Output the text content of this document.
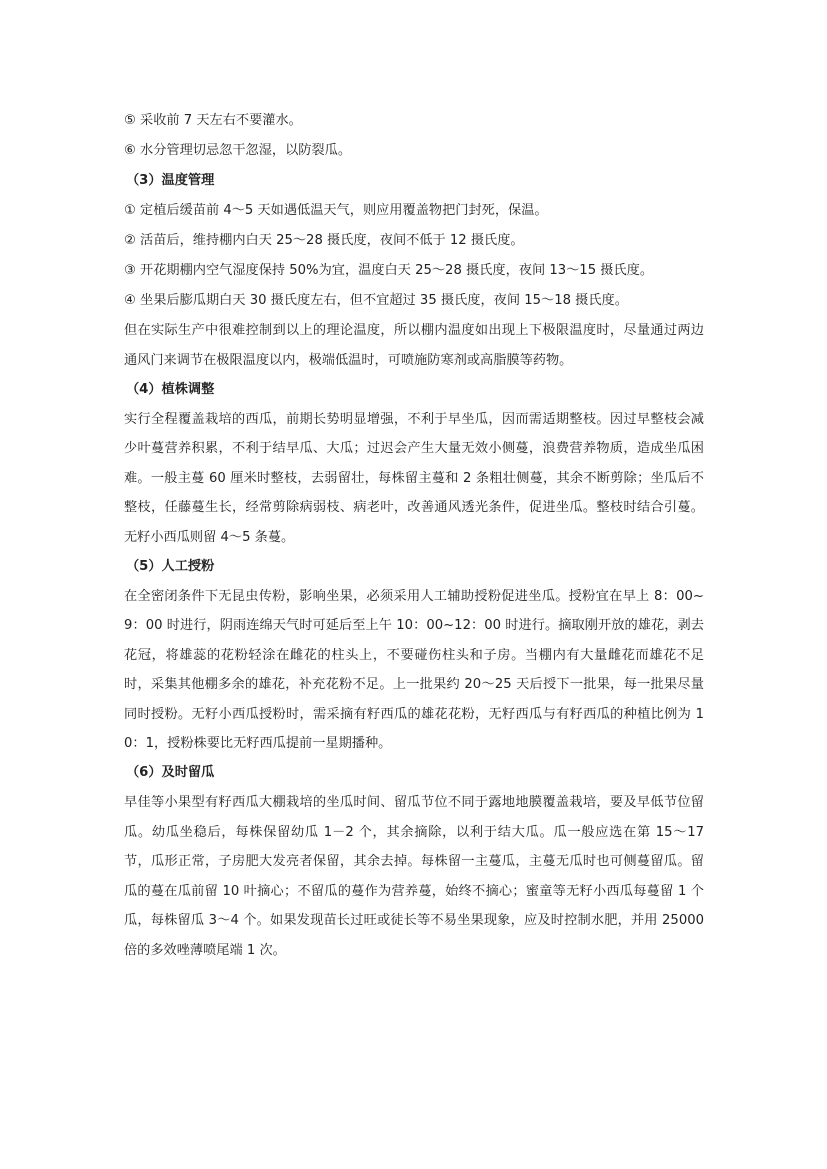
⑤ 采收前 7 天左右不要灌水。
⑥ 水分管理切忌忽干忽湿，以防裂瓜。
（3）温度管理
① 定植后缓苗前 4～5 天如遇低温天气，则应用覆盖物把门封死，保温。
② 活苗后，维持棚内白天 25～28 摄氏度，夜间不低于 12 摄氏度。
③ 开花期棚内空气湿度保持 50%为宜，温度白天 25～28 摄氏度，夜间 13～15 摄氏度。
④ 坐果后膨瓜期白天 30 摄氏度左右，但不宜超过 35 摄氏度，夜间 15～18 摄氏度。

但在实际生产中很难控制到以上的理论温度，所以棚内温度如出现上下极限温度时，尽量通过两边通风门来调节在极限温度以内，极端低温时，可喷施防寒剂或高脂膜等药物。

（4）植株调整

实行全程覆盖栽培的西瓜，前期长势明显增强，不利于早坐瓜，因而需适期整枝。因过早整枝会减少叶蔓营养积累，不利于结早瓜、大瓜；过迟会产生大量无效小侧蔓，浪费营养物质，造成坐瓜困难。一般主蔓 60 厘米时整枝，去弱留壮，每株留主蔓和 2 条粗壮侧蔓，其余不断剪除；坐瓜后不整枝，任藤蔓生长，经常剪除病弱枝、病老叶，改善通风透光条件，促进坐瓜。整枝时结合引蔓。无籽小西瓜则留 4～5 条蔓。

（5）人工授粉

在全密闭条件下无昆虫传粉，影响坐果，必须采用人工辅助授粉促进坐瓜。授粉宜在早上 8：00~9：00 时进行，阴雨连绵天气时可延后至上午 10：00~12：00 时进行。摘取刚开放的雄花，剥去花冠，将雄蕊的花粉轻涂在雌花的柱头上，不要碰伤柱头和子房。当棚内有大量雌花而雄花不足时，采集其他棚多余的雄花，补充花粉不足。上一批果约 20～25 天后授下一批果，每一批果尽量同时授粉。无籽小西瓜授粉时，需采摘有籽西瓜的雄花花粉，无籽西瓜与有籽西瓜的种植比例为 10：1，授粉株要比无籽西瓜提前一星期播种。

（6）及时留瓜

早佳等小果型有籽西瓜大棚栽培的坐瓜时间、留瓜节位不同于露地地膜覆盖栽培，要及早低节位留瓜。幼瓜坐稳后，每株保留幼瓜 1－2 个，其余摘除，以利于结大瓜。瓜一般应选在第 15～17 节，瓜形正常，子房肥大发亮者保留，其余去掉。每株留一主蔓瓜，主蔓无瓜时也可侧蔓留瓜。留瓜的蔓在瓜前留 10 叶摘心；不留瓜的蔓作为营养蔓，始终不摘心；蜜童等无籽小西瓜每蔓留 1 个瓜，每株留瓜 3～4 个。如果发现苗长过旺或徒长等不易坐果现象，应及时控制水肥，并用 25000 倍的多效唑薄喷尾端 1 次。
